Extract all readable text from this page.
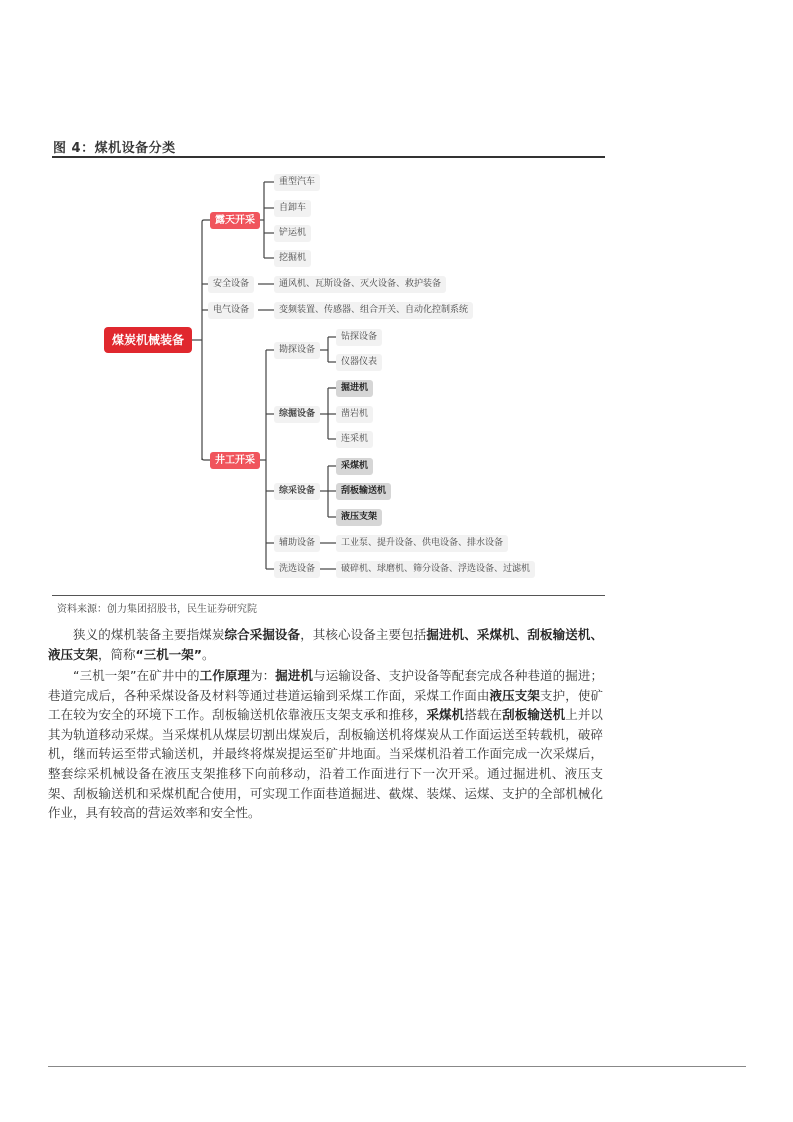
图 4：煤机设备分类
煤炭机械装备
露天开采
重型汽车
自卸车
铲运机
挖掘机
安全设备	通风机、瓦斯设备、灭火设备、救护装备
电气设备	变频装置、传感器、组合开关、自动化控制系统
井工开采
勘探设备
钻探设备
仪器仪表
综掘设备
掘进机
凿岩机
连采机
综采设备
采煤机
刮板输送机
液压支架
辅助设备	工业泵、提升设备、供电设备、排水设备
洗选设备	破碎机、球磨机、筛分设备、浮选设备、过滤机
资料来源：创力集团招股书，民生证券研究院
狭义的煤机装备主要指煤炭综合采掘设备，其核心设备主要包括掘进机、采煤机、刮板输送机、液压支架，简称“三机一架”。
“三机一架”在矿井中的工作原理为：掘进机与运输设备、支护设备等配套完成各种巷道的掘进；巷道完成后，各种采煤设备及材料等通过巷道运输到采煤工作面，采煤工作面由液压支架支护，使矿工在较为安全的环境下工作。刮板输送机依靠液压支架支承和推移，采煤机搭载在刮板输送机上并以其为轨道移动采煤。当采煤机从煤层切割出煤炭后，刮板输送机将煤炭从工作面运送至转载机，破碎机，继而转运至带式输送机，并最终将煤炭提运至矿井地面。当采煤机沿着工作面完成一次采煤后，整套综采机械设备在液压支架推移下向前移动，沿着工作面进行下一次开采。通过掘进机、液压支架、刮板输送机和采煤机配合使用，可实现工作面巷道掘进、截煤、装煤、运煤、支护的全部机械化作业，具有较高的营运效率和安全性。
